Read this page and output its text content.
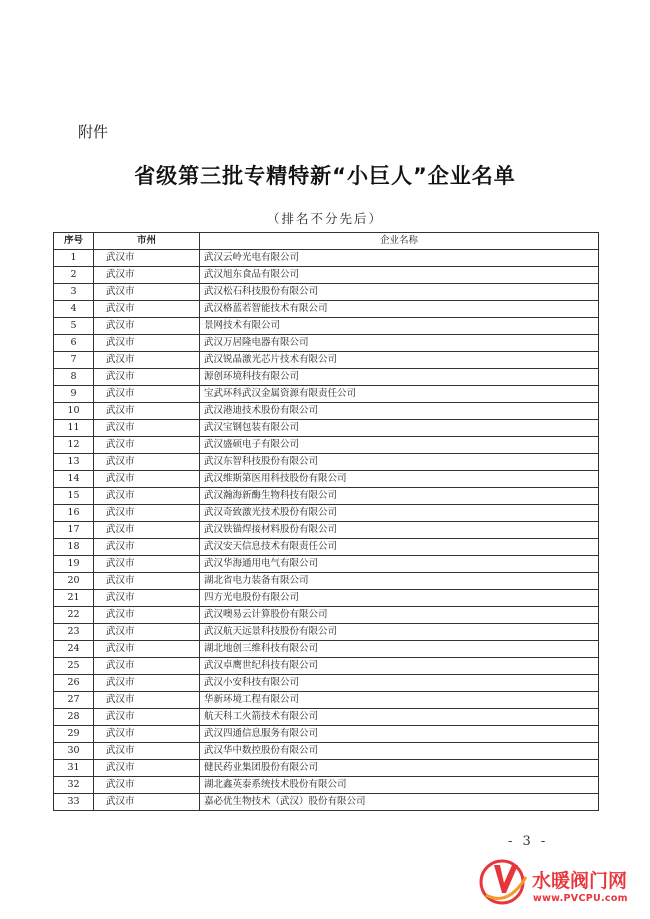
附件
省级第三批专精特新“小巨人”企业名单
（排名不分先后）
序号	市州	企业名称
1	武汉市	武汉云岭光电有限公司
2	武汉市	武汉旭东食品有限公司
3	武汉市	武汉松石科技股份有限公司
4	武汉市	武汉格蓝若智能技术有限公司
5	武汉市	景网技术有限公司
6	武汉市	武汉万居隆电器有限公司
7	武汉市	武汉锐晶激光芯片技术有限公司
8	武汉市	源创环境科技有限公司
9	武汉市	宝武环科武汉金属资源有限责任公司
10	武汉市	武汉港迪技术股份有限公司
11	武汉市	武汉宝钢包装有限公司
12	武汉市	武汉盛硕电子有限公司
13	武汉市	武汉东智科技股份有限公司
14	武汉市	武汉维斯第医用科技股份有限公司
15	武汉市	武汉瀚海新酶生物科技有限公司
16	武汉市	武汉奇致激光技术股份有限公司
17	武汉市	武汉铁锚焊接材料股份有限公司
18	武汉市	武汉安天信息技术有限责任公司
19	武汉市	武汉华海通用电气有限公司
20	武汉市	湖北省电力装备有限公司
21	武汉市	四方光电股份有限公司
22	武汉市	武汉噢易云计算股份有限公司
23	武汉市	武汉航天远景科技股份有限公司
24	武汉市	湖北地创三维科技有限公司
25	武汉市	武汉卓鹰世纪科技有限公司
26	武汉市	武汉小安科技有限公司
27	武汉市	华新环境工程有限公司
28	武汉市	航天科工火箭技术有限公司
29	武汉市	武汉四通信息服务有限公司
30	武汉市	武汉华中数控股份有限公司
31	武汉市	健民药业集团股份有限公司
32	武汉市	湖北鑫英泰系统技术股份有限公司
33	武汉市	嘉必优生物技术（武汉）股份有限公司
- 3 -
水暖阀门网
www.PVCPU.com
